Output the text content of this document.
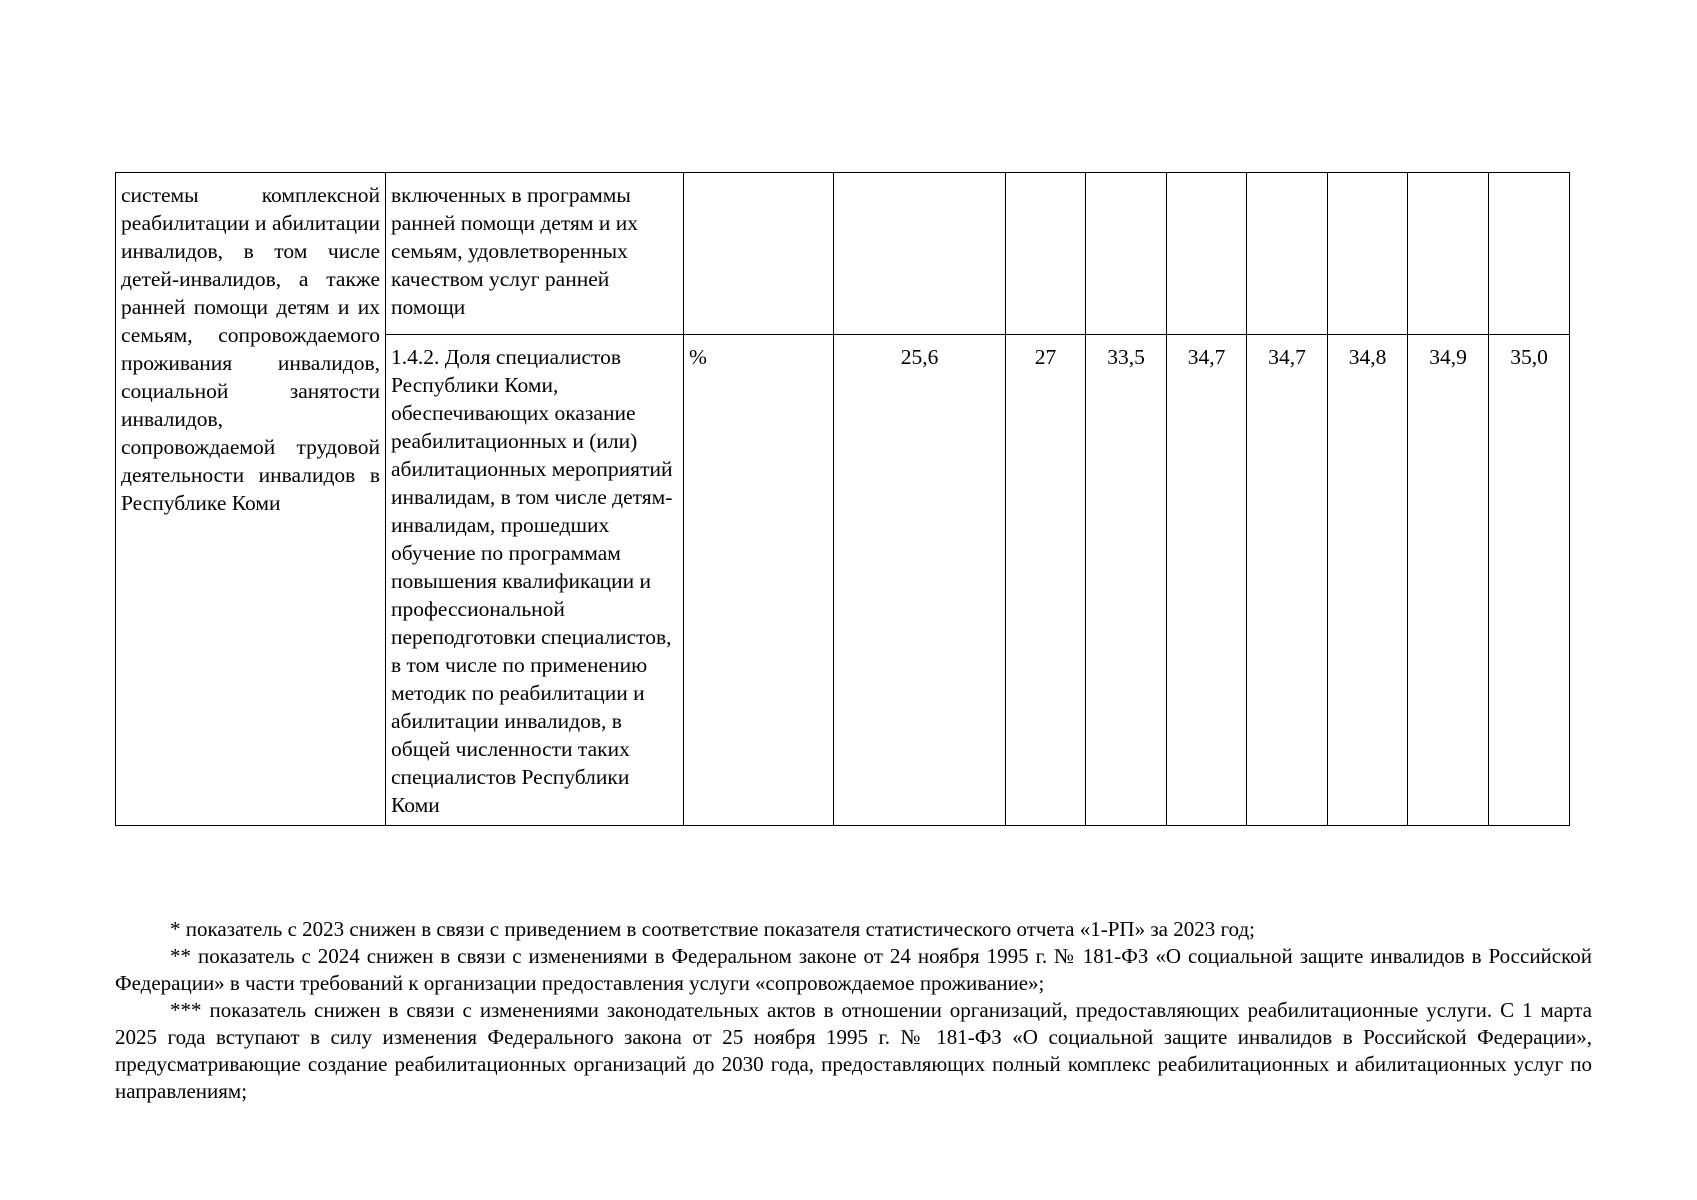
системы комплексной реабилитации и абилитации инвалидов, в том числе детей-инвалидов, а также ранней помощи детям и их семьям, сопровождаемого проживания инвалидов, социальной занятости инвалидов, сопровождаемой трудовой деятельности инвалидов в Республике Коми	включенных в программы ранней помощи детям и их семьям, удовлетворенных качеством услуг ранней помощи									
	1.4.2. Доля специалистов Республики Коми, обеспечивающих оказание реабилитационных и (или) абилитационных мероприятий инвалидам, в том числе детям-инвалидам, прошедших обучение по программам повышения квалификации и профессиональной переподготовки специалистов, в том числе по применению методик по реабилитации и абилитации инвалидов, в общей численности таких специалистов Республики Коми	%	25,6	27	33,5	34,7	34,7	34,8	34,9	35,0

* показатель с 2023 снижен в связи с приведением в соответствие показателя статистического отчета «1-РП» за 2023 год;

** показатель с 2024 снижен в связи с изменениями в Федеральном законе от 24 ноября 1995 г. № 181-ФЗ «О социальной защите инвалидов в Российской Федерации» в части требований к организации предоставления услуги «сопровождаемое проживание»;

*** показатель снижен в связи с изменениями законодательных актов в отношении организаций, предоставляющих реабилитационные услуги. С 1 марта 2025 года вступают в силу изменения Федерального закона от 25 ноября 1995 г. № 181-ФЗ «О социальной защите инвалидов в Российской Федерации», предусматривающие создание реабилитационных организаций до 2030 года, предоставляющих полный комплекс реабилитационных и абилитационных услуг по направлениям;
